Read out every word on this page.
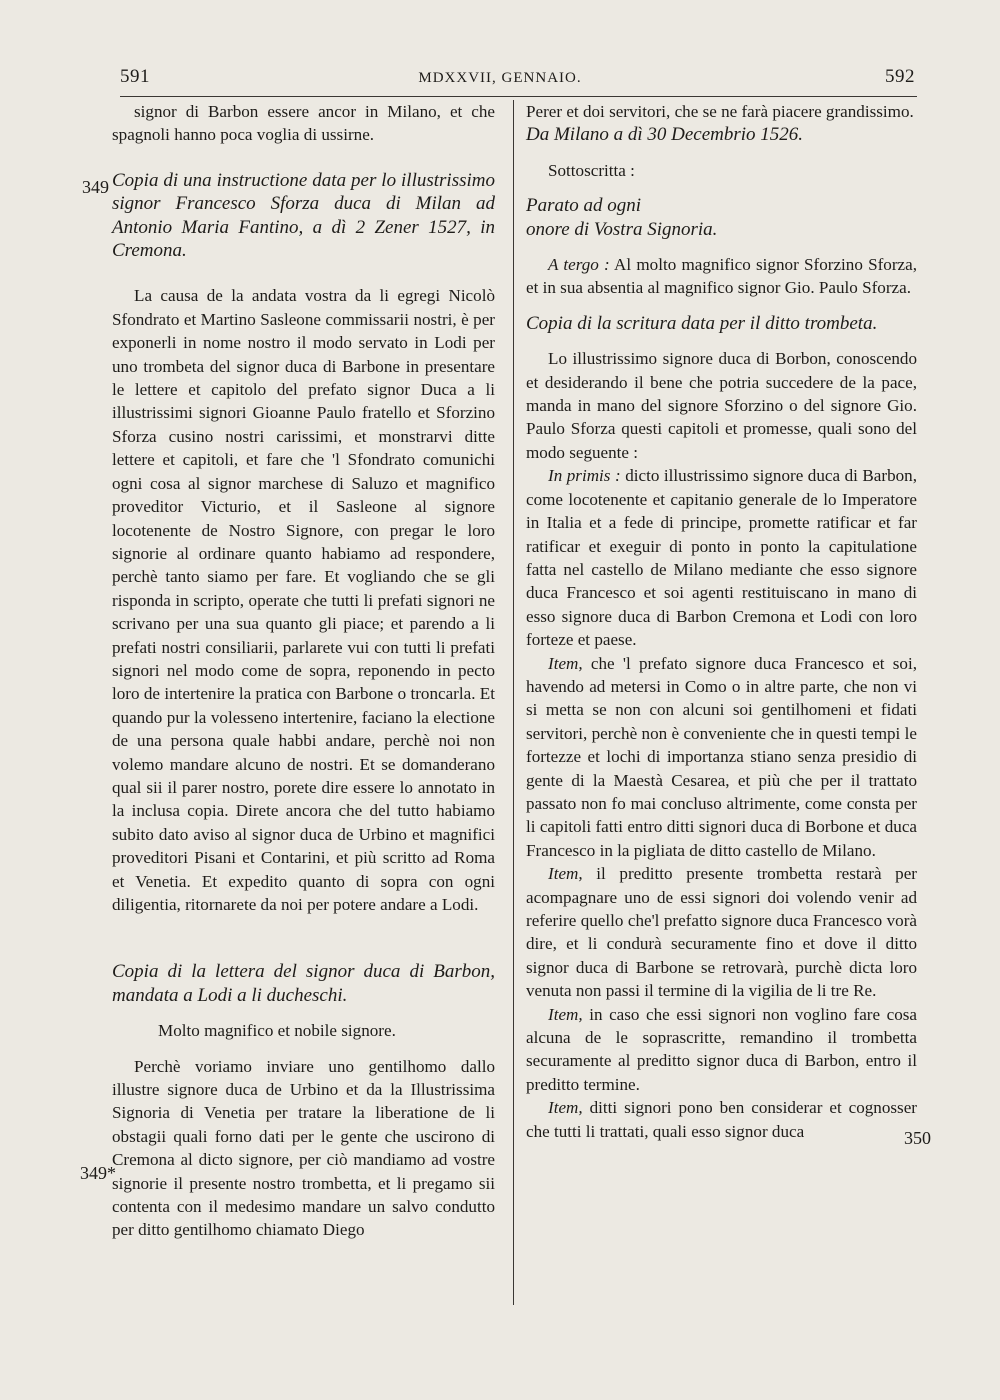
591	MDXXVII, GENNAIO.	592
349
349*
350

signor di Barbon essere ancor in Milano, et che spagnoli hanno poca voglia di ussirne.

Copia di una instructione data per lo illustrissimo signor Francesco Sforza duca di Milan ad Antonio Maria Fantino, a dì 2 Zener 1527, in Cremona.

La causa de la andata vostra da li egregi Nicolò Sfondrato et Martino Sasleone commissarii nostri, è per exponerli in nome nostro il modo servato in Lodi per uno trombeta del signor duca di Barbone in presentare le lettere et capitolo del prefato signor Duca a li illustrissimi signori Gioanne Paulo fratello et Sforzino Sforza cusino nostri carissimi, et monstrarvi ditte lettere et capitoli, et fare che 'l Sfondrato comunichi ogni cosa al signor marchese di Saluzo et magnifico proveditor Victurio, et il Sasleone al signore locotenente de Nostro Signore, con pregar le loro signorie al ordinare quanto habiamo ad respondere, perchè tanto siamo per fare. Et vogliando che se gli risponda in scripto, operate che tutti li prefati signori ne scrivano per una sua quanto gli piace; et parendo a li prefati nostri consiliarii, parlarete vui con tutti li prefati signori nel modo come de sopra, reponendo in pecto loro de intertenire la pratica con Barbone o troncarla. Et quando pur la volesseno intertenire, faciano la electione de una persona quale habbi andare, perchè noi non volemo mandare alcuno de nostri. Et se domanderano qual sii il parer nostro, porete dire essere lo annotato in la inclusa copia. Direte ancora che del tutto habiamo subito dato aviso al signor duca de Urbino et magnifici proveditori Pisani et Contarini, et più scritto ad Roma et Venetia. Et expedito quanto di sopra con ogni diligentia, ritornarete da noi per potere andare a Lodi.

Copia di la lettera del signor duca di Barbon, mandata a Lodi a li ducheschi.

Molto magnifico et nobile signore.

Perchè voriamo inviare uno gentilhomo dallo illustre signore duca de Urbino et da la Illustrissima Signoria di Venetia per tratare la liberatione de li obstagii quali forno dati per le gente che uscirono di Cremona al dicto signore, per ciò mandiamo ad vostre signorie il presente nostro trombetta, et li pregamo sii contenta con il medesimo mandare un salvo condutto per ditto gentilhomo chiamato Diego

Perer et doi servitori, che se ne farà piacere grandissimo.

Da Milano a dì 30 Decembrio 1526.

Sottoscritta :

Parato ad ogni

onore di Vostra Signoria.

A tergo : Al molto magnifico signor Sforzino Sforza, et in sua absentia al magnifico signor Gio. Paulo Sforza.

Copia di la scritura data per il ditto trombeta.

Lo illustrissimo signore duca di Borbon, conoscendo et desiderando il bene che potria succedere de la pace, manda in mano del signore Sforzino o del signore Gio. Paulo Sforza questi capitoli et promesse, quali sono del modo seguente :

In primis : dicto illustrissimo signore duca di Barbon, come locotenente et capitanio generale de lo Imperatore in Italia et a fede di principe, promette ratificar et far ratificar et exeguir di ponto in ponto la capitulatione fatta nel castello de Milano mediante che esso signore duca Francesco et soi agenti restituiscano in mano di esso signore duca di Barbon Cremona et Lodi con loro forteze et paese.

Item, che 'l prefato signore duca Francesco et soi, havendo ad metersi in Como o in altre parte, che non vi si metta se non con alcuni soi gentilhomeni et fidati servitori, perchè non è conveniente che in questi tempi le fortezze et lochi di importanza stiano senza presidio di gente di la Maestà Cesarea, et più che per il trattato passato non fo mai concluso altrimente, come consta per li capitoli fatti entro ditti signori duca di Borbone et duca Francesco in la pigliata de ditto castello de Milano.

Item, il preditto presente trombetta restarà per acompagnare uno de essi signori doi volendo venir ad referire quello che'l prefatto signore duca Francesco vorà dire, et li condurà securamente fino et dove il ditto signor duca di Barbone se retrovarà, purchè dicta loro venuta non passi il termine di la vigilia de li tre Re.

Item, in caso che essi signori non voglino fare cosa alcuna de le soprascritte, remandino il trombetta securamente al preditto signor duca di Barbon, entro il preditto termine.

Item, ditti signori pono ben considerar et cognosser che tutti li trattati, quali esso signor duca
